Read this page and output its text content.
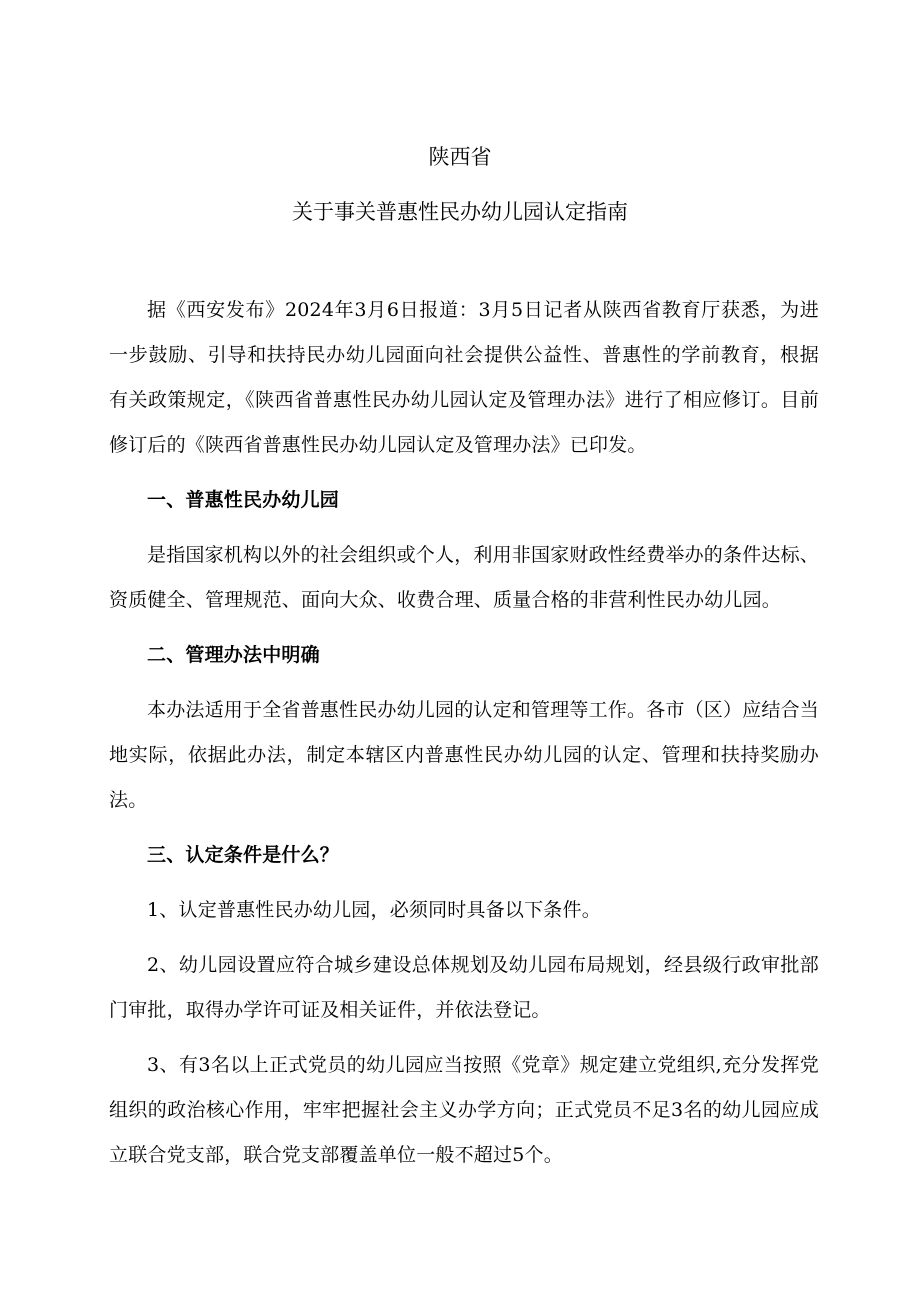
陕西省
关于事关普惠性民办幼儿园认定指南

据《西安发布》2024年3月6日报道：3月5日记者从陕西省教育厅获悉，为进一步鼓励、引导和扶持民办幼儿园面向社会提供公益性、普惠性的学前教育，根据有关政策规定，《陕西省普惠性民办幼儿园认定及管理办法》进行了相应修订。目前修订后的《陕西省普惠性民办幼儿园认定及管理办法》已印发。

一、普惠性民办幼儿园

是指国家机构以外的社会组织或个人，利用非国家财政性经费举办的条件达标、资质健全、管理规范、面向大众、收费合理、质量合格的非营利性民办幼儿园。

二、管理办法中明确

本办法适用于全省普惠性民办幼儿园的认定和管理等工作。各市（区）应结合当地实际，依据此办法，制定本辖区内普惠性民办幼儿园的认定、管理和扶持奖励办法。

三、认定条件是什么？

1、认定普惠性民办幼儿园，必须同时具备以下条件。

2、幼儿园设置应符合城乡建设总体规划及幼儿园布局规划，经县级行政审批部门审批，取得办学许可证及相关证件，并依法登记。

3、有3名以上正式党员的幼儿园应当按照《党章》规定建立党组织,充分发挥党组织的政治核心作用，牢牢把握社会主义办学方向；正式党员不足3名的幼儿园应成立联合党支部，联合党支部覆盖单位一般不超过5个。
